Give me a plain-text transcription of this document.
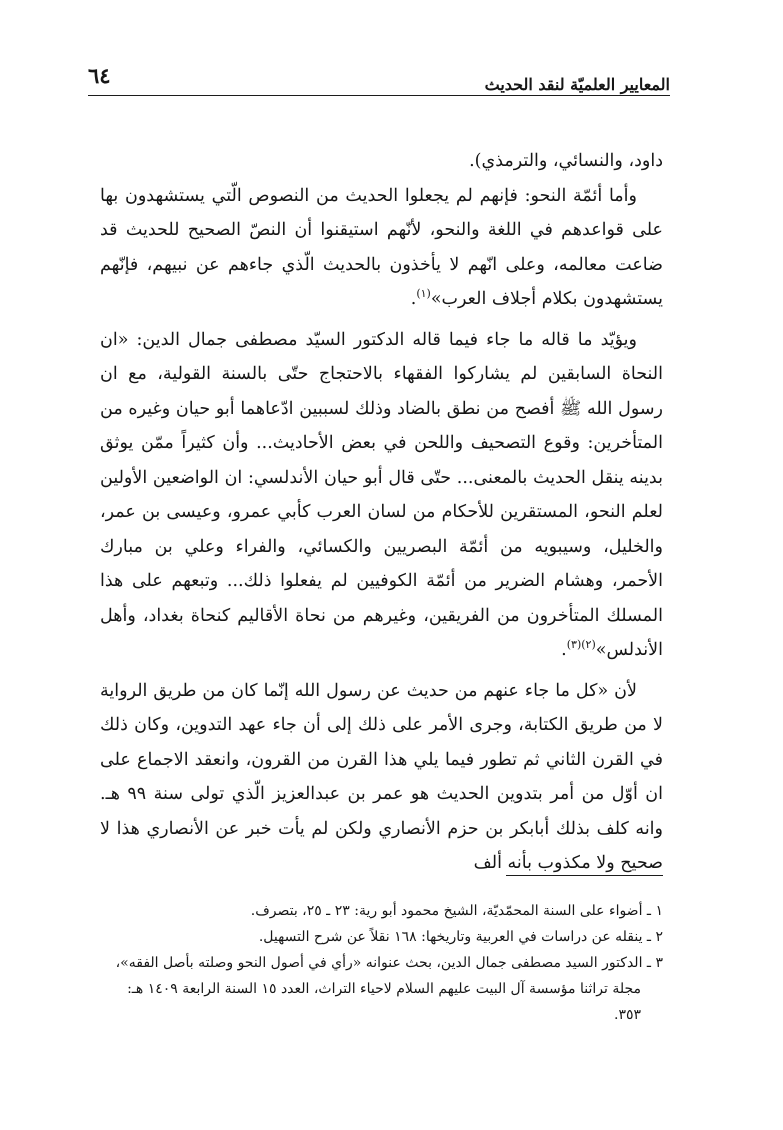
المعايير العلميّة لنقد الحديث
٦٤

داود، والنسائي، والترمذي).

وأما أئمّة النحو: فإنهم لم يجعلوا الحديث من النصوص الّتي يستشهدون بها على قواعدهم في اللغة والنحو، لأنّهم استيقنوا أن النصّ الصحيح للحديث قد ضاعت معالمه، وعلى انّهم لا يأخذون بالحديث الّذي جاءهم عن نبيهم، فإنّهم يستشهدون بكلام أجلاف العرب»$^{(١)}$.

ويؤيّد ما قاله ما جاء فيما قاله الدكتور السيّد مصطفى جمال الدين: «ان النحاة السابقين لم يشاركوا الفقهاء بالاحتجاج حتّى بالسنة القولية، مع ان رسول الله ﷺ أفصح من نطق بالضاد وذلك لسببين ادّعاهما أبو حيان وغيره من المتأخرين: وقوع التصحيف واللحن في بعض الأحاديث... وأن كثيراً ممّن يوثق بدينه ينقل الحديث بالمعنى... حتّى قال أبو حيان الأندلسي: ان الواضعين الأولين لعلم النحو، المستقرين للأحكام من لسان العرب كأبي عمرو، وعيسى بن عمر، والخليل، وسيبويه من أئمّة البصريين والكسائي، والفراء وعلي بن مبارك الأحمر، وهشام الضرير من أئمّة الكوفيين لم يفعلوا ذلك... وتبعهم على هذا المسلك المتأخرون من الفريقين، وغيرهم من نحاة الأقاليم كنحاة بغداد، وأهل الأندلس»$^{(٢)(٣)}$.

لأن «كل ما جاء عنهم من حديث عن رسول الله إنّما كان من طريق الرواية لا من طريق الكتابة، وجرى الأمر على ذلك إلى أن جاء عهد التدوين، وكان ذلك في القرن الثاني ثم تطور فيما يلي هذا القرن من القرون، وانعقد الاجماع على ان أوّل من أمر بتدوين الحديث هو عمر بن عبدالعزيز الّذي تولى سنة ٩٩ هـ. وانه كلف بذلك أبابكر بن حزم الأنصاري ولكن لم يأت خبر عن الأنصاري هذا لا صحيح ولا مكذوب بأنه ألف

١ ـ أضواء على السنة المحمّديّة، الشيخ محمود أبو رية: ٢٣ ـ ٢٥، بتصرف.

٢ ـ ينقله عن دراسات في العربية وتاريخها: ١٦٨ نقلاً عن شرح التسهيل.

٣ ـ الدكتور السيد مصطفى جمال الدين، بحث عنوانه «رأي في أصول النحو وصلته بأصل الفقه»،

مجلة تراثنا مؤسسة آل البيت عليهم السلام لاحياء التراث، العدد ١٥ السنة الرابعة ١٤٠٩ هـ: ٣٥٣.
